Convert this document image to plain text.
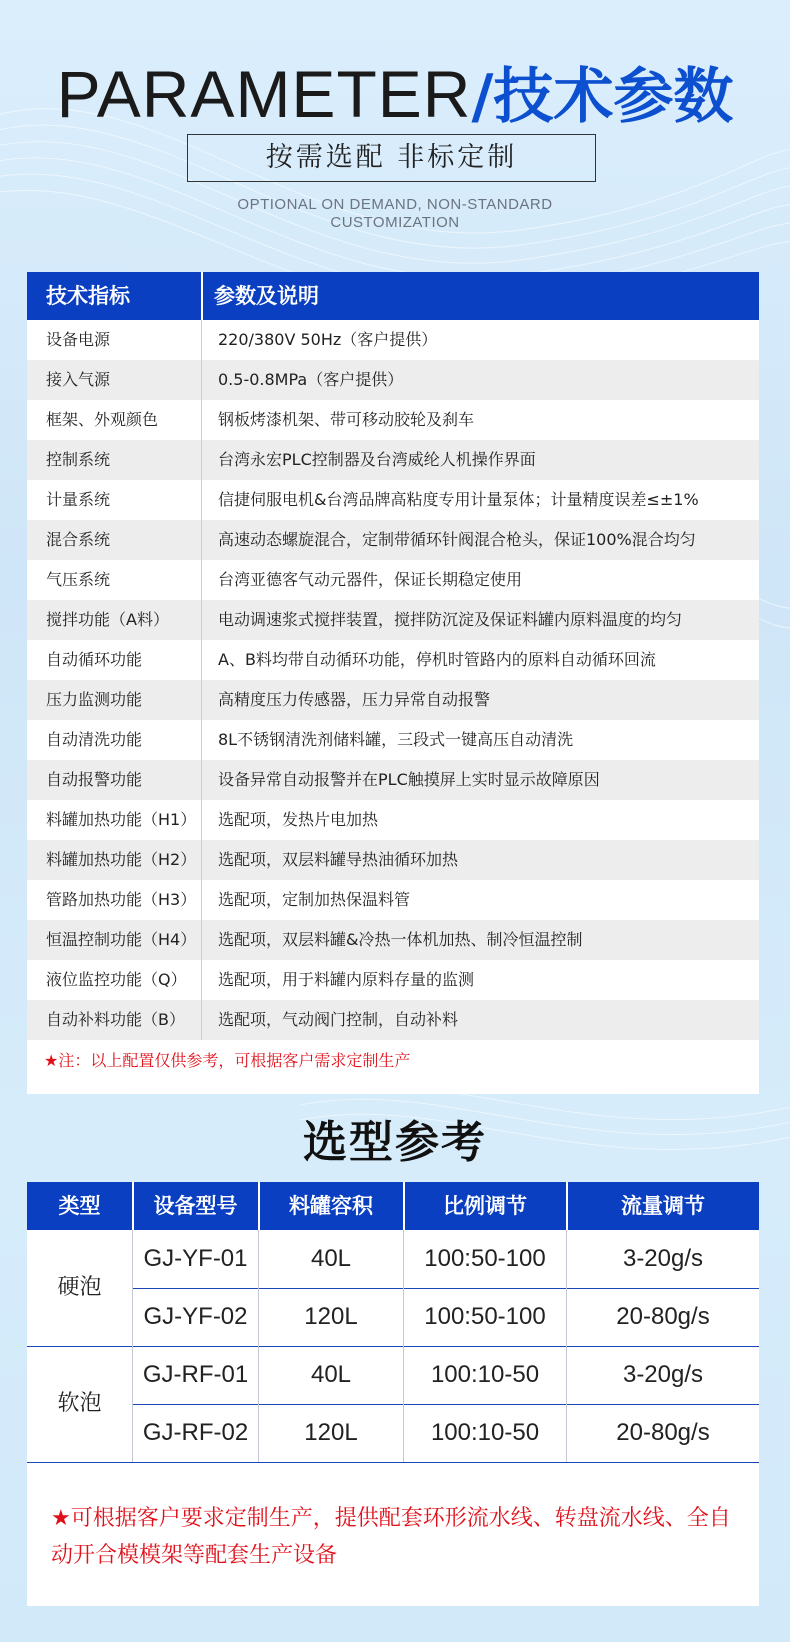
PARAMETER/技术参数
按需选配 非标定制
OPTIONAL ON DEMAND, NON-STANDARD
CUSTOMIZATION
技术指标	参数及说明
设备电源	220/380V 50Hz（客户提供）
接入气源	0.5-0.8MPa（客户提供）
框架、外观颜色	钢板烤漆机架、带可移动胶轮及刹车
控制系统	台湾永宏PLC控制器及台湾威纶人机操作界面
计量系统	信捷伺服电机&台湾品牌高粘度专用计量泵体；计量精度误差≤±1%
混合系统	高速动态螺旋混合，定制带循环针阀混合枪头，保证100%混合均匀
气压系统	台湾亚德客气动元器件，保证长期稳定使用
搅拌功能（A料）	电动调速浆式搅拌装置，搅拌防沉淀及保证料罐内原料温度的均匀
自动循环功能	A、B料均带自动循环功能，停机时管路内的原料自动循环回流
压力监测功能	高精度压力传感器，压力异常自动报警
自动清洗功能	8L不锈钢清洗剂储料罐，三段式一键高压自动清洗
自动报警功能	设备异常自动报警并在PLC触摸屏上实时显示故障原因
料罐加热功能（H1） 选配项，发热片电加热
料罐加热功能（H2） 选配项，双层料罐导热油循环加热
管路加热功能（H3） 选配项，定制加热保温料管
恒温控制功能（H4） 选配项，双层料罐&冷热一体机加热、制冷恒温控制
液位监控功能（Q） 选配项，用于料罐内原料存量的监测
自动补料功能（B） 选配项，气动阀门控制，自动补料
★注：以上配置仅供参考，可根据客户需求定制生产
选型参考
类型	设备型号	料罐容积	比例调节	流量调节
硬泡
GJ-YF-01	40L	100:50-100	3-20g/s
GJ-YF-02	120L	100:50-100	20-80g/s
软泡
GJ-RF-01	40L	100:10-50	3-20g/s
GJ-RF-02	120L	100:10-50	20-80g/s
★可根据客户要求定制生产，提供配套环形流水线、转盘流水线、全自动开合模模架等配套生产设备
